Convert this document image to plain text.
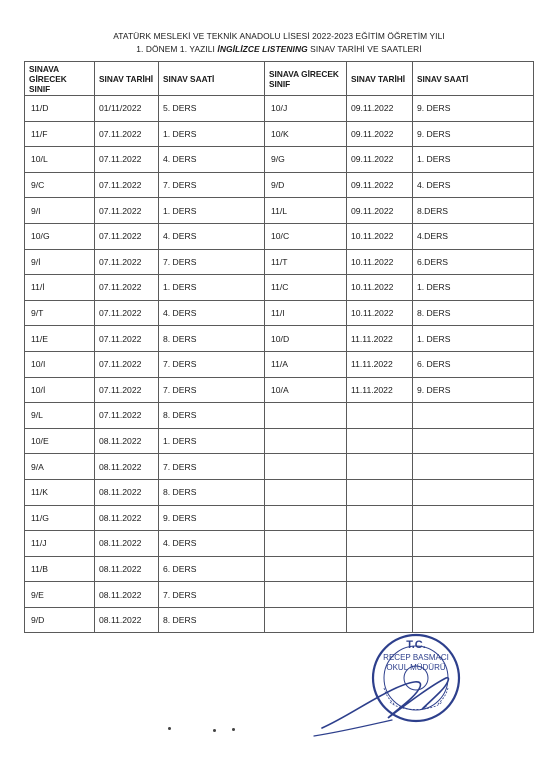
ATATÜRK MESLEKİ VE TEKNİK ANADOLU LİSESİ 2022-2023 EĞİTİM ÖĞRETİM YILI
1. DÖNEM 1. YAZILI İNGİLİZCE LISTENING SINAV TARİHİ VE SAATLERİ
SINAVA GİRECEK SINIF	SINAV TARİHİ	SINAV SAATİ	SINAVA GİRECEK SINIF	SINAV TARİHİ	SINAV SAATİ
11/D	01/11/2022	5. DERS	10/J	09.11.2022	9. DERS
11/F	07.11.2022	1. DERS	10/K	09.11.2022	9. DERS
10/L	07.11.2022	4. DERS	9/G	09.11.2022	1. DERS
9/C	07.11.2022	7. DERS	9/D	09.11.2022	4. DERS
9/I	07.11.2022	1. DERS	11/L	09.11.2022	8.DERS
10/G	07.11.2022	4. DERS	10/C	10.11.2022	4.DERS
9/İ	07.11.2022	7. DERS	11/T	10.11.2022	6.DERS
11/İ	07.11.2022	1. DERS	11/C	10.11.2022	1. DERS
9/T	07.11.2022	4. DERS	11/I	10.11.2022	8. DERS
11/E	07.11.2022	8. DERS	10/D	11.11.2022	1. DERS
10/I	07.11.2022	7. DERS	11/A	11.11.2022	6. DERS
10/İ	07.11.2022	7. DERS	10/A	11.11.2022	9. DERS
9/L	07.11.2022	8. DERS			
10/E	08.11.2022	1. DERS			
9/A	08.11.2022	7. DERS			
11/K	08.11.2022	8. DERS			
11/G	08.11.2022	9. DERS			
11/J	08.11.2022	4. DERS			
11/B	08.11.2022	6. DERS			
9/E	08.11.2022	7. DERS			
9/D	08.11.2022	8. DERS			
T.C.
RECEP BASMACI
OKUL MÜDÜRÜ
